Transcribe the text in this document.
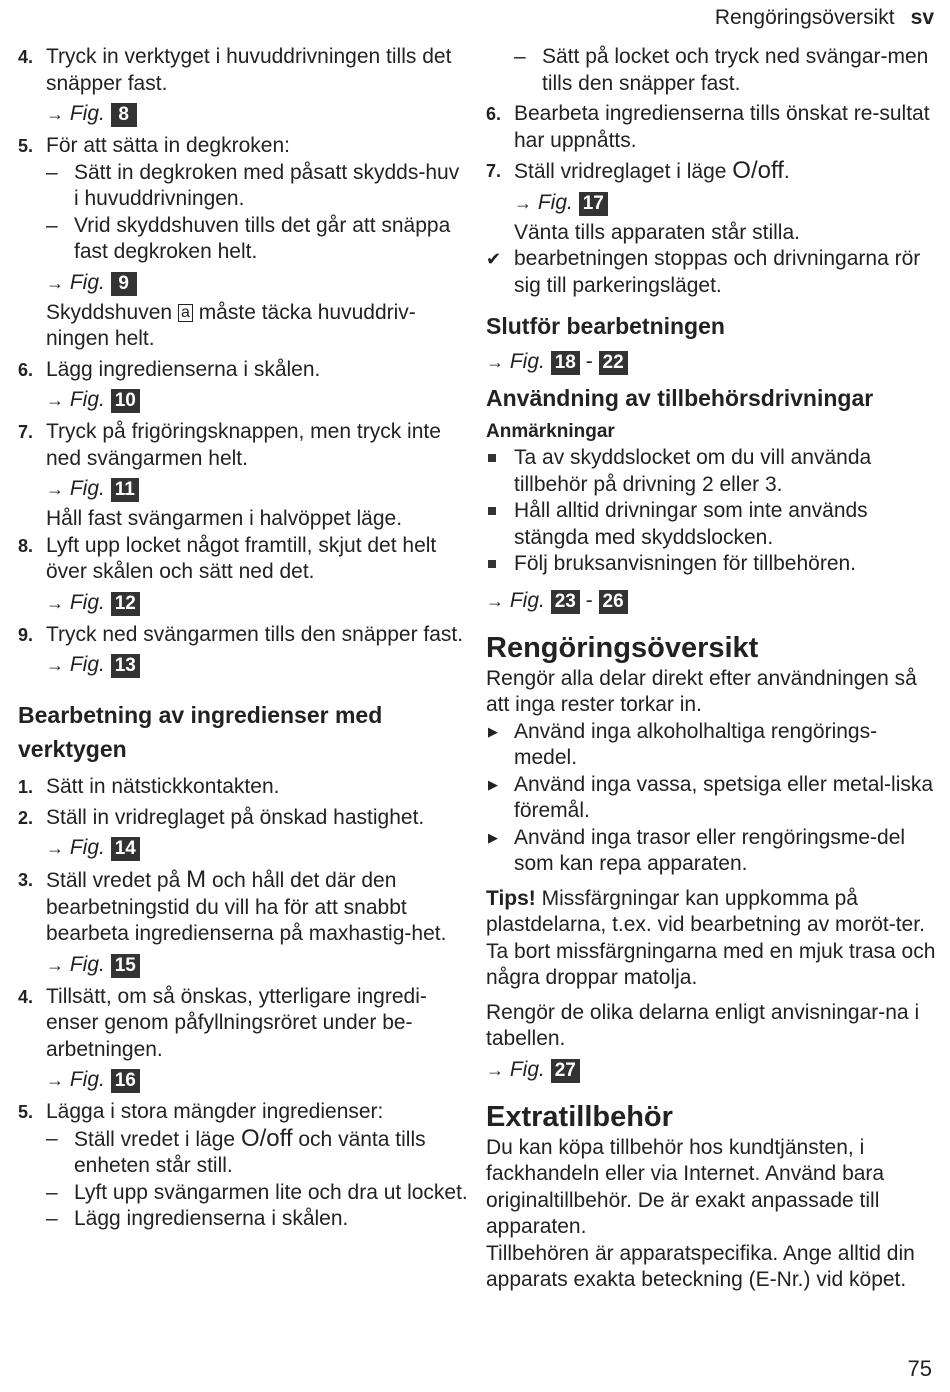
Rengöringsöversikt sv
4. Tryck in verktyget i huvuddrivningen tills det snäpper fast.
→ Fig. 8
5. För att sätta in degkroken:
– Sätt in degkroken med påsatt skydds-huv i huvuddrivningen.
– Vrid skyddshuven tills det går att snäppa fast degkroken helt.
→ Fig. 9
Skyddshuven a måste täcka huvuddriv-ningen helt.
6. Lägg ingredienserna i skålen.
→ Fig. 10
7. Tryck på frigöringsknappen, men tryck inte ned svängarmen helt.
→ Fig. 11
Håll fast svängarmen i halvöppet läge.
8. Lyft upp locket något framtill, skjut det helt över skålen och sätt ned det.
→ Fig. 12
9. Tryck ned svängarmen tills den snäpper fast.
→ Fig. 13
Bearbetning av ingredienser med verktygen
1. Sätt in nätstickkontakten.
2. Ställ in vridreglaget på önskad hastighet.
→ Fig. 14
3. Ställ vredet på M och håll det där den bearbetningstid du vill ha för att snabbt bearbeta ingredienserna på maxhastig-het.
→ Fig. 15
4. Tillsätt, om så önskas, ytterligare ingredi-enser genom påfyllningsröret under be-arbetningen.
→ Fig. 16
5. Lägga i stora mängder ingredienser:
– Ställ vredet i läge O/off och vänta tills enheten står still.
– Lyft upp svängarmen lite och dra ut locket.
– Lägg ingredienserna i skålen.
– Sätt på locket och tryck ned svängar-men tills den snäpper fast.
6. Bearbeta ingredienserna tills önskat re-sultat har uppnåtts.
7. Ställ vridreglaget i läge O/off.
→ Fig. 17
Vänta tills apparaten står stilla.
✔ bearbetningen stoppas och drivningarna rör sig till parkeringsläget.
Slutför bearbetningen
→ Fig. 18 - 22
Användning av tillbehörsdrivningar
Anmärkningar
Ta av skyddslocket om du vill använda tillbehör på drivning 2 eller 3.
Håll alltid drivningar som inte används stängda med skyddslocken.
Följ bruksanvisningen för tillbehören.
→ Fig. 23 - 26
Rengöringsöversikt
Rengör alla delar direkt efter användningen så att inga rester torkar in.
▶ Använd inga alkoholhaltiga rengörings-medel.
▶ Använd inga vassa, spetsiga eller metal-liska föremål.
▶ Använd inga trasor eller rengöringsme-del som kan repa apparaten.
Tips! Missfärgningar kan uppkomma på plastdelarna, t.ex. vid bearbetning av moröt-ter. Ta bort missfärgningarna med en mjuk trasa och några droppar matolja.
Rengör de olika delarna enligt anvisningar-na i tabellen.
→ Fig. 27
Extratillbehör
Du kan köpa tillbehör hos kundtjänsten, i fackhandeln eller via Internet. Använd bara originaltillbehör. De är exakt anpassade till apparaten.
Tillbehören är apparatspecifika. Ange alltid din apparats exakta beteckning (E-Nr.) vid köpet.
75
